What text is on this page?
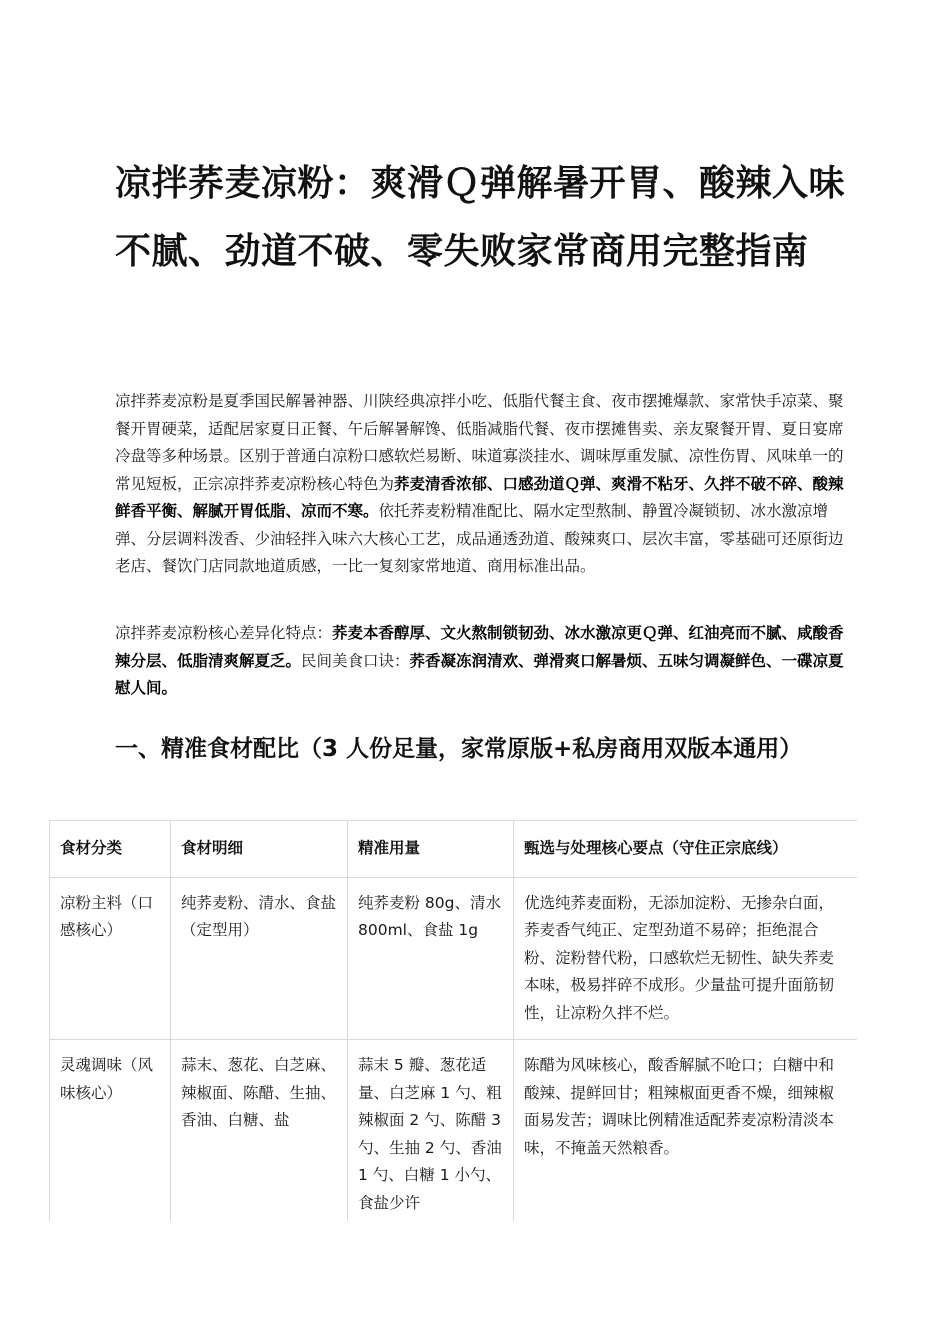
凉拌荞麦凉粉：爽滑Ｑ弹解暑开胃、酸辣入味不腻、劲道不破、零失败家常商用完整指南

凉拌荞麦凉粉是夏季国民解暑神器、川陕经典凉拌小吃、低脂代餐主食、夜市摆摊爆款、家常快手凉菜、聚餐开胃硬菜，适配居家夏日正餐、午后解暑解馋、低脂减脂代餐、夜市摆摊售卖、亲友聚餐开胃、夏日宴席冷盘等多种场景。区别于普通白凉粉口感软烂易断、味道寡淡挂水、调味厚重发腻、凉性伤胃、风味单一的常见短板，正宗凉拌荞麦凉粉核心特色为荞麦清香浓郁、口感劲道Ｑ弹、爽滑不粘牙、久拌不破不碎、酸辣鲜香平衡、解腻开胃低脂、凉而不寒。依托荞麦粉精准配比、隔水定型熬制、静置冷凝锁韧、冰水激凉增弹、分层调料泼香、少油轻拌入味六大核心工艺，成品通透劲道、酸辣爽口、层次丰富，零基础可还原街边老店、餐饮门店同款地道质感，一比一复刻家常地道、商用标准出品。

凉拌荞麦凉粉核心差异化特点：荞麦本香醇厚、文火熬制锁韧劲、冰水激凉更Ｑ弹、红油亮而不腻、咸酸香辣分层、低脂清爽解夏乏。民间美食口诀：荞香凝冻润清欢、弹滑爽口解暑烦、五味匀调凝鲜色、一碟凉夏慰人间。

一、精准食材配比（3 人份足量，家常原版+私房商用双版本通用）
食材分类	食材明细	精准用量	甄选与处理核心要点（守住正宗底线）
凉粉主料（口感核心）	纯荞麦粉、清水、食盐（定型用）	纯荞麦粉 80g、清水 800ml、食盐 1g	优选纯荞麦面粉，无添加淀粉、无掺杂白面，荞麦香气纯正、定型劲道不易碎；拒绝混合粉、淀粉替代粉，口感软烂无韧性、缺失荞麦本味，极易拌碎不成形。少量盐可提升面筋韧性，让凉粉久拌不烂。
灵魂调味（风味核心）	蒜末、葱花、白芝麻、辣椒面、陈醋、生抽、香油、白糖、盐	蒜末 5 瓣、葱花适量、白芝麻 1 勺、粗辣椒面 2 勺、陈醋 3 勺、生抽 2 勺、香油 1 勺、白糖 1 小勺、食盐少许	陈醋为风味核心，酸香解腻不呛口；白糖中和酸辣、提鲜回甘；粗辣椒面更香不燥，细辣椒面易发苦；调味比例精准适配荞麦凉粉清淡本味，不掩盖天然粮香。
